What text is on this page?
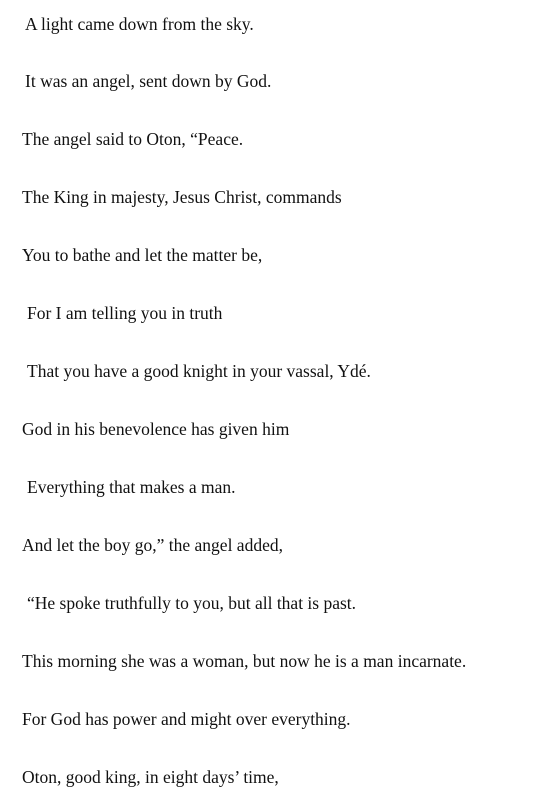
A light came down from the sky.
It was an angel, sent down by God.
The angel said to Oton, “Peace.
The King in majesty, Jesus Christ, commands
You to bathe and let the matter be,
For I am telling you in truth
That you have a good knight in your vassal, Ydé.
God in his benevolence has given him
Everything that makes a man.
And let the boy go,” the angel added,
“He spoke truthfully to you, but all that is past.
This morning she was a woman, but now he is a man incarnate.
For God has power and might over everything.
Oton, good king, in eight days’ time,
